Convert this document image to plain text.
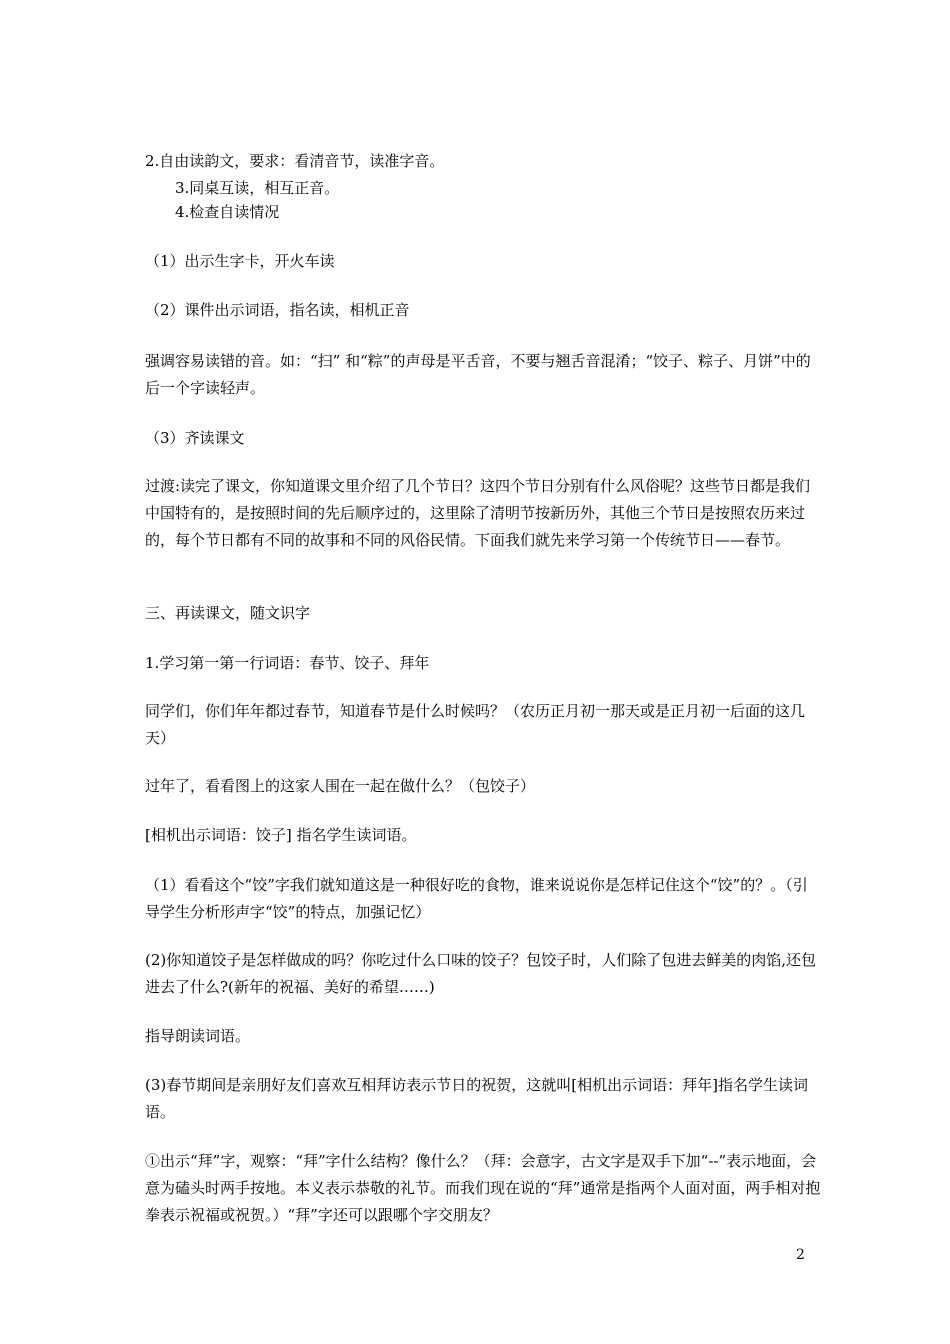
2.自由读韵文，要求：看清音节，读准字音。

3.同桌互读，相互正音。

4.检查自读情况

（1）出示生字卡，开火车读

（2）课件出示词语，指名读，相机正音

强调容易读错的音。如：“扫” 和“粽”的声母是平舌音，不要与翘舌音混淆；“饺子、粽子、月饼”中的后一个字读轻声。

（3）齐读课文

过渡:读完了课文，你知道课文里介绍了几个节日？这四个节日分别有什么风俗呢？这些节日都是我们中国特有的，是按照时间的先后顺序过的，这里除了清明节按新历外，其他三个节日是按照农历来过的，每个节日都有不同的故事和不同的风俗民情。下面我们就先来学习第一个传统节日——春节。

三、再读课文，随文识字

1.学习第一第一行词语：春节、饺子、拜年

同学们，你们年年都过春节，知道春节是什么时候吗？（农历正月初一那天或是正月初一后面的这几天）

过年了，看看图上的这家人围在一起在做什么？（包饺子）

[相机出示词语：饺子] 指名学生读词语。

（1）看看这个“饺”字我们就知道这是一种很好吃的食物，谁来说说你是怎样记住这个“饺”的？。（引导学生分析形声字“饺”的特点，加强记忆）

(2)你知道饺子是怎样做成的吗？你吃过什么口味的饺子？包饺子时，人们除了包进去鲜美的肉馅,还包进去了什么?(新年的祝福、美好的希望……)

指导朗读词语。

(3)春节期间是亲朋好友们喜欢互相拜访表示节日的祝贺，这就叫[相机出示词语：拜年]指名学生读词语。

①出示“拜”字，观察：“拜”字什么结构？像什么？（拜：会意字，古文字是双手下加“--”表示地面，会意为磕头时两手按地。本义表示恭敬的礼节。而我们现在说的“拜”通常是指两个人面对面，两手相对抱拳表示祝福或祝贺。）“拜”字还可以跟哪个字交朋友？

2
